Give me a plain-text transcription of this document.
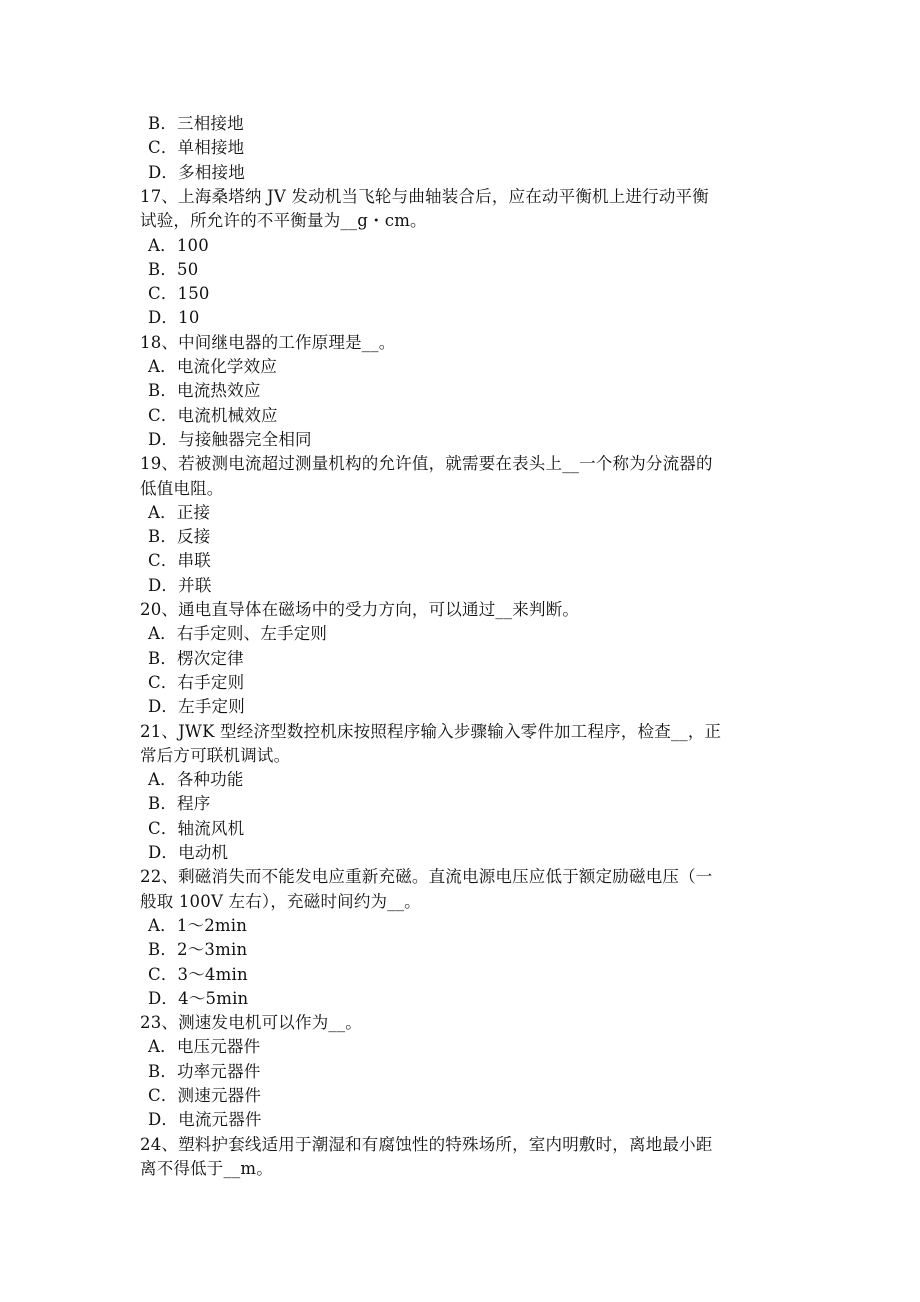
B．三相接地
C．单相接地
D．多相接地
17、上海桑塔纳 JV 发动机当飞轮与曲轴装合后，应在动平衡机上进行动平衡
试验，所允许的不平衡量为__g・cm。
A．100
B．50
C．150
D．10
18、中间继电器的工作原理是__。
A．电流化学效应
B．电流热效应
C．电流机械效应
D．与接触器完全相同
19、若被测电流超过测量机构的允许值，就需要在表头上__一个称为分流器的
低值电阻。
A．正接
B．反接
C．串联
D．并联
20、通电直导体在磁场中的受力方向，可以通过__来判断。
A．右手定则、左手定则
B．楞次定律
C．右手定则
D．左手定则
21、JWK 型经济型数控机床按照程序输入步骤输入零件加工程序，检查__，正
常后方可联机调试。
A．各种功能
B．程序
C．轴流风机
D．电动机
22、剩磁消失而不能发电应重新充磁。直流电源电压应低于额定励磁电压（一
般取 100V 左右），充磁时间约为__。
A．1～2min
B．2～3min
C．3～4min
D．4～5min
23、测速发电机可以作为__。
A．电压元器件
B．功率元器件
C．测速元器件
D．电流元器件
24、塑料护套线适用于潮湿和有腐蚀性的特殊场所，室内明敷时，离地最小距
离不得低于__m。
